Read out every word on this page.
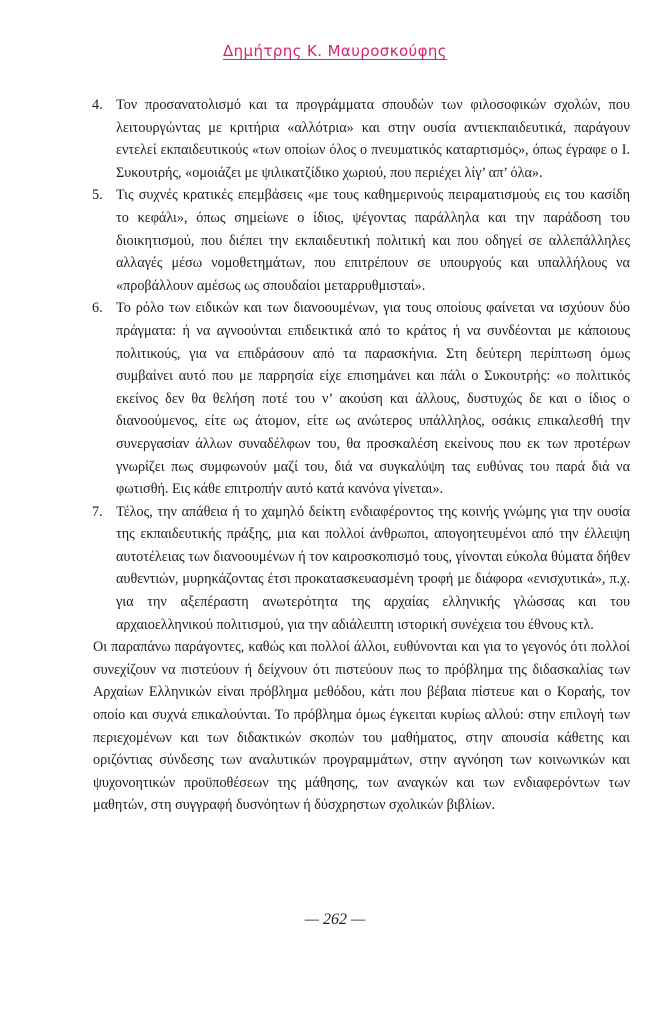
Δημήτρης Κ. Μαυροσκούφης
4. Τον προσανατολισμό και τα προγράμματα σπουδών των φιλοσοφικών σχολών, που λειτουργώντας με κριτήρια «αλλότρια» και στην ουσία αντιεκπαιδευτικά, παράγουν εντελεί εκπαιδευτικούς «των οποίων όλος ο πνευματικός καταρτισμός», όπως έγραφε ο Ι. Συκουτρής, «ομοιάζει με ψιλικατζίδικο χωριού, που περιέχει λίγ’ απ’ όλα».
5. Τις συχνές κρατικές επεμβάσεις «με τους καθημερινούς πειραματισμούς εις του κασίδη το κεφάλι», όπως σημείωνε ο ίδιος, ψέγοντας παράλληλα και την παράδοση του διοικητισμού, που διέπει την εκπαιδευτική πολιτική και που οδηγεί σε αλλεπάλληλες αλλαγές μέσω νομοθετημάτων, που επιτρέπουν σε υπουργούς και υπαλλήλους να «προβάλλουν αμέσως ως σπουδαίοι μεταρρυθμισταί».
6. Το ρόλο των ειδικών και των διανοουμένων, για τους οποίους φαίνεται να ισχύουν δύο πράγματα: ή να αγνοούνται επιδεικτικά από το κράτος ή να συνδέονται με κάποιους πολιτικούς, για να επιδράσουν από τα παρασκήνια. Στη δεύτερη περίπτωση όμως συμβαίνει αυτό που με παρρησία είχε επισημάνει και πάλι ο Συκουτρής: «ο πολιτικός εκείνος δεν θα θελήση ποτέ του ν’ ακούση και άλλους, δυστυχώς δε και ο ίδιος ο διανοούμενος, είτε ως άτομον, είτε ως ανώτερος υπάλληλος, οσάκις επικαλεσθή την συνεργασίαν άλλων συναδέλφων του, θα προσκαλέση εκείνους που εκ των προτέρων γνωρίζει πως συμφωνούν μαζί του, διά να συγκαλύψη τας ευθύνας του παρά διά να φωτισθή. Εις κάθε επιτροπήν αυτό κατά κανόνα γίνεται».
7. Τέλος, την απάθεια ή το χαμηλό δείκτη ενδιαφέροντος της κοινής γνώμης για την ουσία της εκπαιδευτικής πράξης, μια και πολλοί άνθρωποι, απογοητευμένοι από την έλλειψη αυτοτέλειας των διανοουμένων ή τον καιροσκοπισμό τους, γίνονται εύκολα θύματα δήθεν αυθεντιών, μυρηκάζοντας έτσι προκατασκευασμένη τροφή με διάφορα «ενισχυτικά», π.χ. για την αξεπέραστη ανωτερότητα της αρχαίας ελληνικής γλώσσας και του αρχαιοελληνικού πολιτισμού, για την αδιάλειπτη ιστορική συνέχεια του έθνους κτλ.

Οι παραπάνω παράγοντες, καθώς και πολλοί άλλοι, ευθύνονται και για το γεγονός ότι πολλοί συνεχίζουν να πιστεύουν ή δείχνουν ότι πιστεύουν πως το πρόβλημα της διδασκαλίας των Αρχαίων Ελληνικών είναι πρόβλημα μεθόδου, κάτι που βέβαια πίστευε και ο Κοραής, τον οποίο και συχνά επικαλούνται. Το πρόβλημα όμως έγκειται κυρίως αλλού: στην επιλογή των περιεχομένων και των διδακτικών σκοπών του μαθήματος, στην απουσία κάθετης και οριζόντιας σύνδεσης των αναλυτικών προγραμμάτων, στην αγνόηση των κοινωνικών και ψυχονοητικών προϋποθέσεων της μάθησης, των αναγκών και των ενδιαφερόντων των μαθητών, στη συγγραφή δυσνόητων ή δύσχρηστων σχολικών βιβλίων.

— 262 —
